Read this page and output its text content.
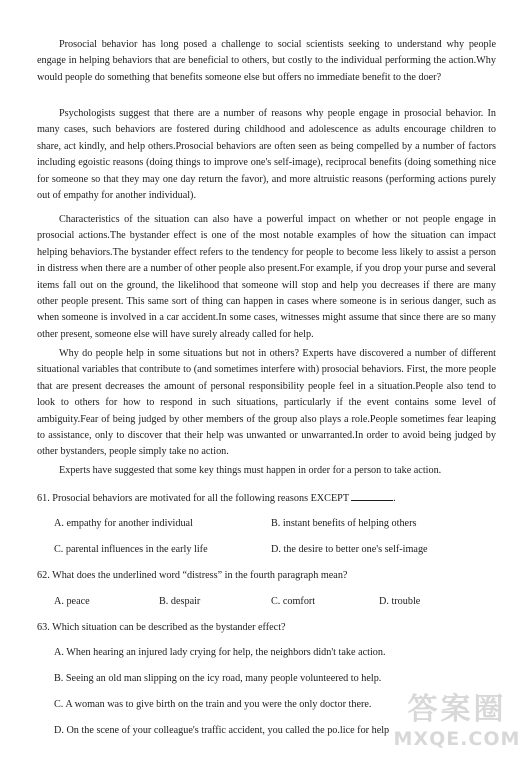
Prosocial behavior has long posed a challenge to social scientists seeking to understand why people engage in helping behaviors that are beneficial to others, but costly to the individual performing the action.Why would people do something that benefits someone else but offers no immediate benefit to the doer?

Psychologists suggest that there are a number of reasons why people engage in prosocial behavior. In many cases, such behaviors are fostered during childhood and adolescence as adults encourage children to share, act kindly, and help others.Prosocial behaviors are often seen as being compelled by a number of factors including egoistic reasons (doing things to improve one's self-image), reciprocal benefits (doing something nice for someone so that they may one day return the favor), and more altruistic reasons (performing actions purely out of empathy for another individual).

Characteristics of the situation can also have a powerful impact on whether or not people engage in prosocial actions.The bystander effect is one of the most notable examples of how the situation can impact helping behaviors.The bystander effect refers to the tendency for people to become less likely to assist a person in distress when there are a number of other people also present.For example, if you drop your purse and several items fall out on the ground, the likelihood that someone will stop and help you decreases if there are many other people present. This same sort of thing can happen in cases where someone is in serious danger, such as when someone is involved in a car accident.In some cases, witnesses might assume that since there are so many other present, someone else will have surely already called for help.

Why do people help in some situations but not in others? Experts have discovered a number of different situational variables that contribute to (and sometimes interfere with) prosocial behaviors. First, the more people that are present decreases the amount of personal responsibility people feel in a situation.People also tend to look to others for how to respond in such situations, particularly if the event contains some level of ambiguity.Fear of being judged by other members of the group also plays a role.People sometimes fear leaping to assistance, only to discover that their help was unwanted or unwarranted.In order to avoid being judged by other bystanders, people simply take no action.

Experts have suggested that some key things must happen in order for a person to take action.

61. Prosocial behaviors are motivated for all the following reasons EXCEPT	.
A. empathy for another individual	B. instant benefits of helping others
C. parental influences in the early life	D. the desire to better one's self-image
62. What does the underlined word “distress” in the fourth paragraph mean?
A. peace	B. despair	C. comfort	D. trouble
63. Which situation can be described as the bystander effect?
A. When hearing an injured lady crying for help, the neighbors didn't take action.
B. Seeing an old man slipping on the icy road, many people volunteered to help.
C. A woman was to give birth on the train and you were the only doctor there.
D. On the scene of your colleague's traffic accident, you called the po.lice for help
答案圈
MXQE.COM
